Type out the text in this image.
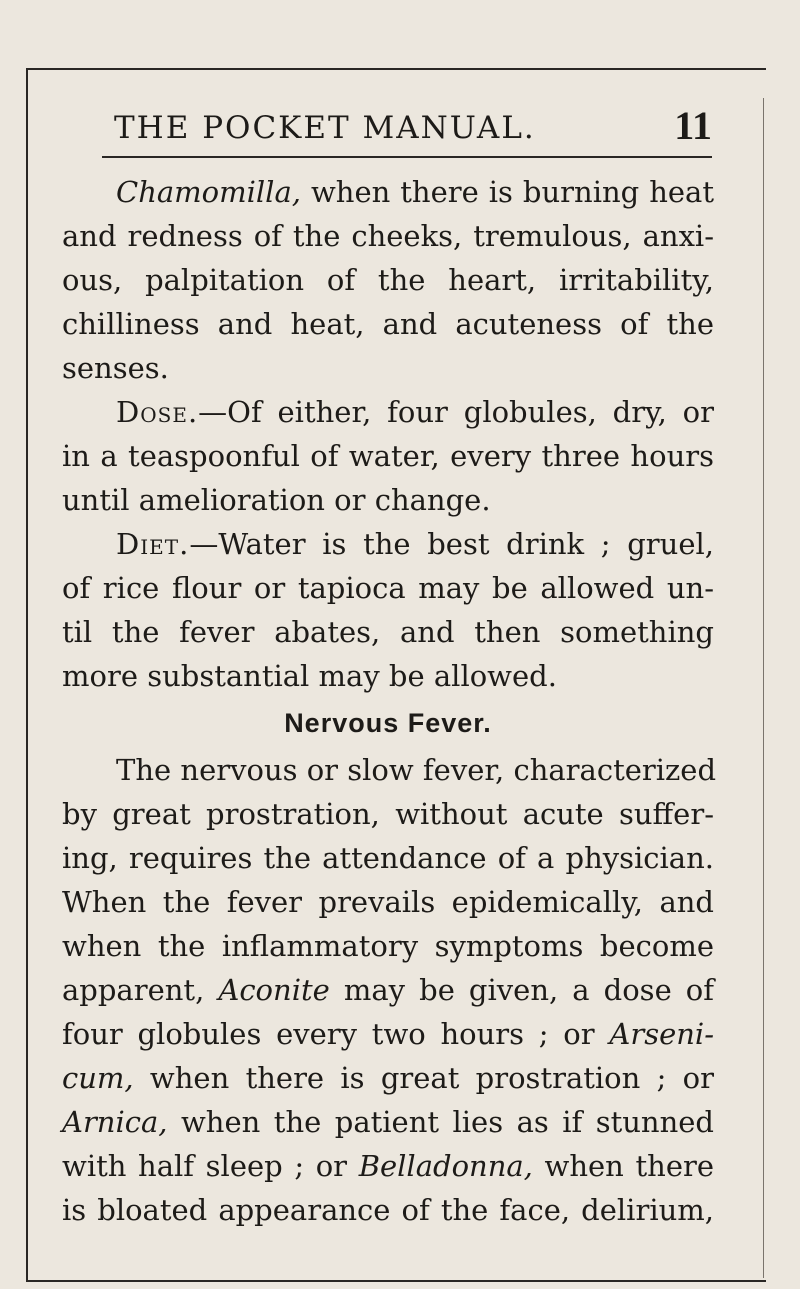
THE POCKET MANUAL.	11
Chamomilla, when there is burning heat
and redness of the cheeks, tremulous, anxi-
ous, palpitation of the heart, irritability,
chilliness and heat, and acuteness of the
senses.
Dose.—Of either, four globules, dry, or
in a teaspoonful of water, every three hours
until amelioration or change.
Diet.—Water is the best drink ; gruel,
of rice flour or tapioca may be allowed un-
til the fever abates, and then something
more substantial may be allowed.
Nervous Fever.
The nervous or slow fever, characterized
by great prostration, without acute suffer-
ing, requires the attendance of a physician.
When the fever prevails epidemically, and
when the inflammatory symptoms become
apparent, Aconite may be given, a dose of
four globules every two hours ; or Arseni-
cum, when there is great prostration ; or
Arnica, when the patient lies as if stunned
with half sleep ; or Belladonna, when there
is bloated appearance of the face, delirium,
